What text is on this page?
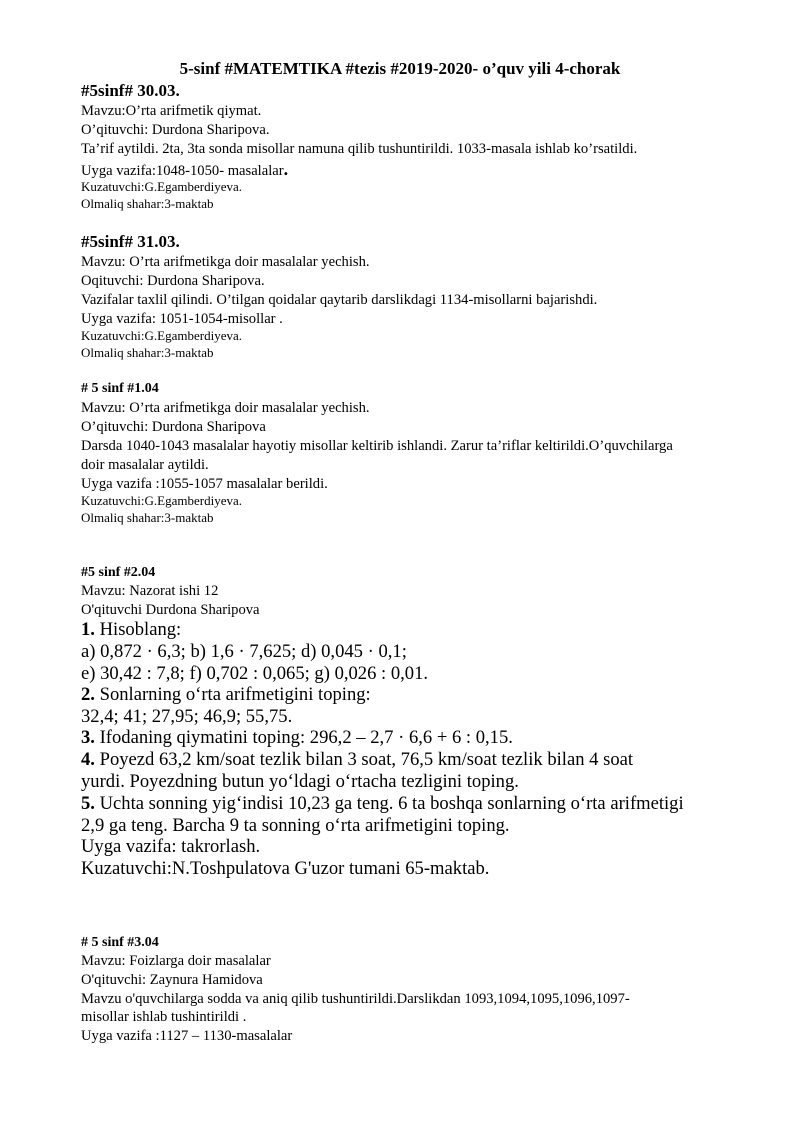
5-sinf #MATEMTIKA #tezis #2019-2020- o’quv yili 4-chorak
#5sinf# 30.03.
Mavzu:O’rta arifmetik qiymat.
O’qituvchi: Durdona Sharipova.
Ta’rif aytildi. 2ta, 3ta sonda misollar namuna qilib tushuntirildi. 1033-masala ishlab ko’rsatildi.
Uyga vazifa:1048-1050- masalalar.
Kuzatuvchi:G.Egamberdiyeva.
Olmaliq shahar:3-maktab
#5sinf# 31.03.
Mavzu: O’rta arifmetikga doir masalalar yechish.
Oqituvchi: Durdona Sharipova.
Vazifalar taxlil qilindi. O’tilgan qoidalar qaytarib darslikdagi 1134-misollarni bajarishdi.
Uyga vazifa: 1051-1054-misollar .
Kuzatuvchi:G.Egamberdiyeva.
Olmaliq shahar:3-maktab
# 5 sinf #1.04
Mavzu: O’rta arifmetikga doir masalalar yechish.
O’qituvchi: Durdona Sharipova
Darsda 1040-1043 masalalar hayotiy misollar keltirib ishlandi. Zarur ta’riflar keltirildi.O’quvchilarga
doir masalalar aytildi.
Uyga vazifa :1055-1057 masalalar berildi.
Kuzatuvchi:G.Egamberdiyeva.
Olmaliq shahar:3-maktab
#5 sinf #2.04
Mavzu: Nazorat ishi 12
O'qituvchi Durdona Sharipova
1. Hisoblang:
a) 0,872 · 6,3; b) 1,6 · 7,625; d) 0,045 · 0,1;
e) 30,42 : 7,8; f) 0,702 : 0,065; g) 0,026 : 0,01.
2. Sonlarning o‘rta arifmetigini toping:
32,4; 41; 27,95; 46,9; 55,75.
3. Ifodaning qiymatini toping: 296,2 – 2,7 · 6,6 + 6 : 0,15.
4. Poyezd 63,2 km/soat tezlik bilan 3 soat, 76,5 km/soat tezlik bilan 4 soat
yurdi. Poyezdning butun yo‘ldagi o‘rtacha tezligini toping.
5. Uchta sonning yig‘indisi 10,23 ga teng. 6 ta boshqa sonlarning o‘rta arifmetigi
2,9 ga teng. Barcha 9 ta sonning o‘rta arifmetigini toping.
Uyga vazifa: takrorlash.
Kuzatuvchi:N.Toshpulatova G'uzor tumani 65-maktab.
# 5 sinf #3.04
Mavzu: Foizlarga doir masalalar
O'qituvchi: Zaynura Hamidova
Mavzu o'quvchilarga sodda va aniq qilib tushuntirildi.Darslikdan 1093,1094,1095,1096,1097-
misollar ishlab tushintirildi .
Uyga vazifa :1127 – 1130-masalalar
